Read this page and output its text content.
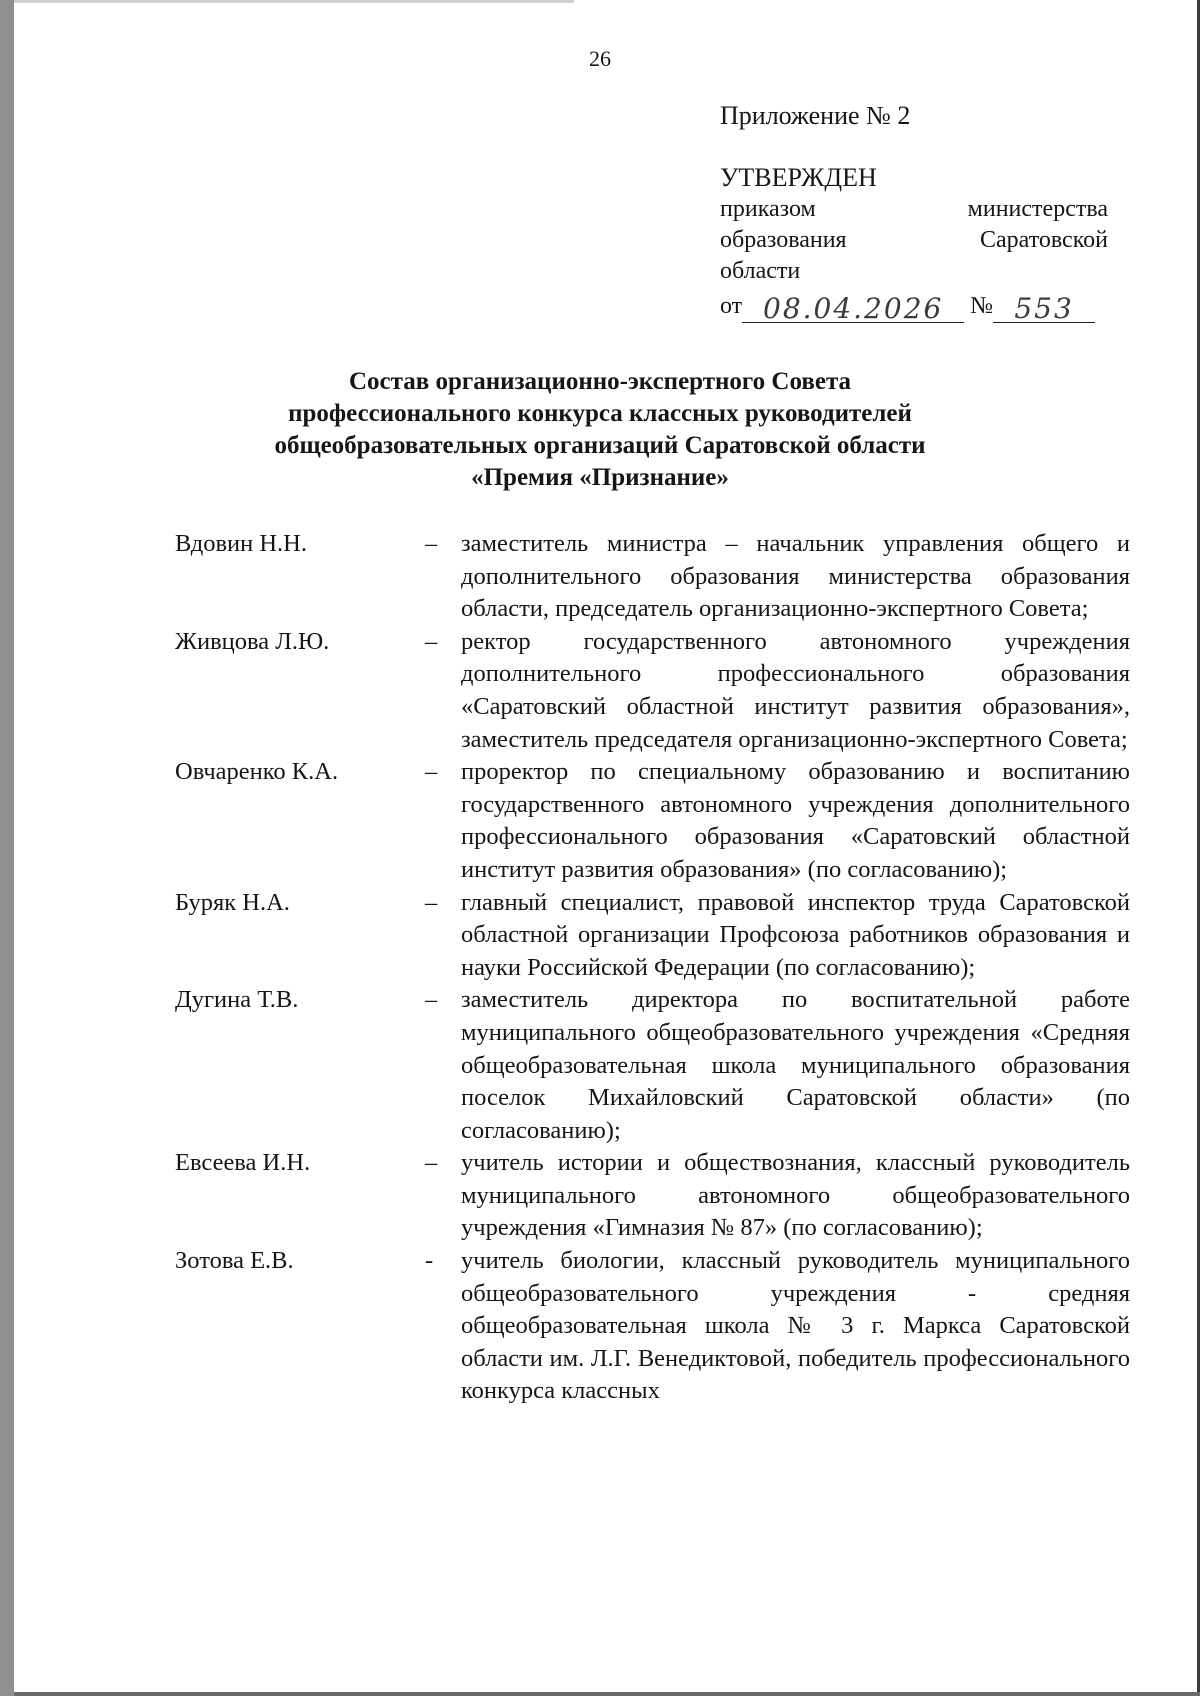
26
Приложение № 2
УТВЕРЖДЕН
приказом министерства
образования Саратовской
области
от 08.04.2026 № 553
Состав организационно-экспертного Совета
профессионального конкурса классных руководителей
общеобразовательных организаций Саратовской области
«Премия «Признание»
Вдовин Н.Н.	– заместитель министра – начальник управления общего и дополнительного образования министерства образования области, председатель организационно-экспертного Совета;
Живцова Л.Ю.	– ректор государственного автономного учреждения дополнительного профессионального образования «Саратовский областной институт развития образования», заместитель председателя организационно-экспертного Совета;
Овчаренко К.А.	– проректор по специальному образованию и воспитанию государственного автономного учреждения дополнительного профессионального образования «Саратовский областной институт развития образования» (по согласованию);
Буряк Н.А.	– главный специалист, правовой инспектор труда Саратовской областной организации Профсоюза работников образования и науки Российской Федерации (по согласованию);
Дугина Т.В.	– заместитель директора по воспитательной работе муниципального общеобразовательного учреждения «Средняя общеобразовательная школа муниципального образования поселок Михайловский Саратовской области» (по согласованию);
Евсеева И.Н.	– учитель истории и обществознания, классный руководитель муниципального автономного общеобразовательного учреждения «Гимназия № 87» (по согласованию);
Зотова Е.В.	-	учитель биологии, классный руководитель муниципального общеобразовательного учреждения - средняя общеобразовательная школа № 3 г. Маркса Саратовской области им. Л.Г. Венедиктовой, победитель профессионального конкурса классных
